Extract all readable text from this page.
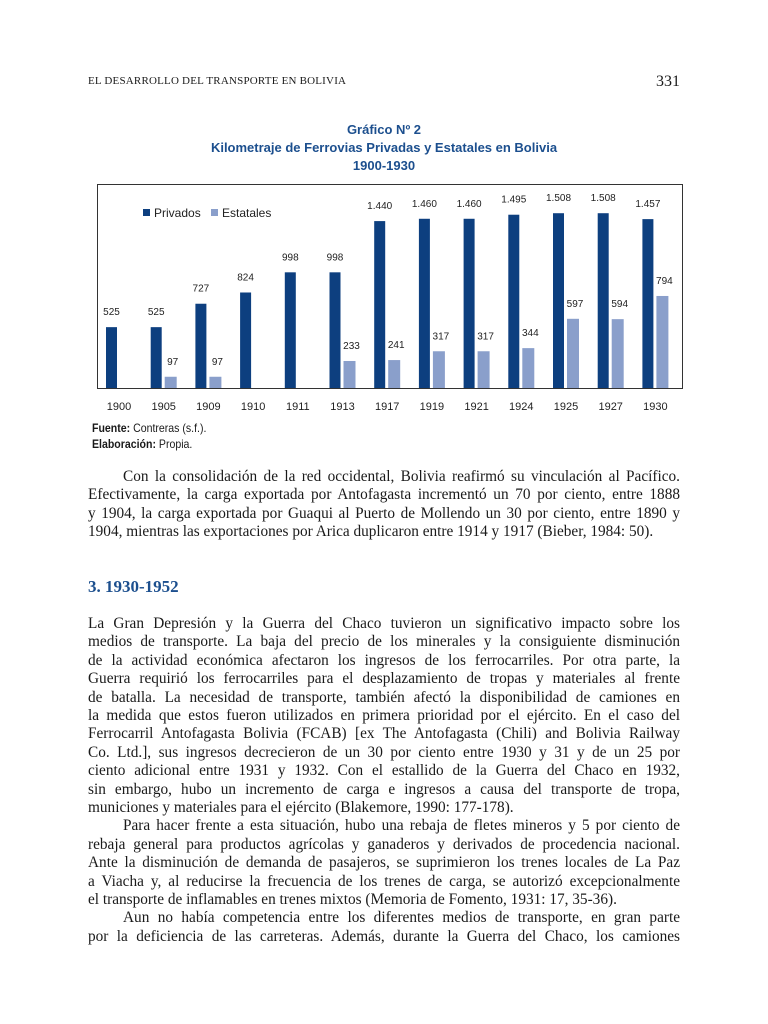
EL DESARROLLO DEL TRANSPORTE EN BOLIVIA	331
Gráfico Nº 2
Kilometraje de Ferrovias Privadas y Estatales en Bolivia
1900-1930
525
1900
525
97
1905
727
97
1909
824
1910
998
1911
998
233
1913
1.440
241
1917
1.460
317
1919
1.460
317
1921
1.495
344
1924
1.508
597
1925
1.508
594
1927
1.457
794
1930
Privados Estatales
Fuente: Contreras (s.f.).
Elaboración: Propia.
Con la consolidación de la red occidental, Bolivia reafirmó su vinculación al Pacífico.
Efectivamente, la carga exportada por Antofagasta incrementó un 70 por ciento, entre 1888
y 1904, la carga exportada por Guaqui al Puerto de Mollendo un 30 por ciento, entre 1890 y
1904, mientras las exportaciones por Arica duplicaron entre 1914 y 1917 (Bieber, 1984: 50).
3. 1930-1952
La Gran Depresión y la Guerra del Chaco tuvieron un significativo impacto sobre los
medios de transporte. La baja del precio de los minerales y la consiguiente disminución
de la actividad económica afectaron los ingresos de los ferrocarriles. Por otra parte, la
Guerra requirió los ferrocarriles para el desplazamiento de tropas y materiales al frente
de batalla. La necesidad de transporte, también afectó la disponibilidad de camiones en
la medida que estos fueron utilizados en primera prioridad por el ejército. En el caso del
Ferrocarril Antofagasta Bolivia (FCAB) [ex The Antofagasta (Chili) and Bolivia Railway
Co. Ltd.], sus ingresos decrecieron de un 30 por ciento entre 1930 y 31 y de un 25 por
ciento adicional entre 1931 y 1932. Con el estallido de la Guerra del Chaco en 1932,
sin embargo, hubo un incremento de carga e ingresos a causa del transporte de tropa,
municiones y materiales para el ejército (Blakemore, 1990: 177-178).
Para hacer frente a esta situación, hubo una rebaja de fletes mineros y 5 por ciento de
rebaja general para productos agrícolas y ganaderos y derivados de procedencia nacional.
Ante la disminución de demanda de pasajeros, se suprimieron los trenes locales de La Paz
a Viacha y, al reducirse la frecuencia de los trenes de carga, se autorizó excepcionalmente
el transporte de inflamables en trenes mixtos (Memoria de Fomento, 1931: 17, 35-36).
Aun no había competencia entre los diferentes medios de transporte, en gran parte
por la deficiencia de las carreteras. Además, durante la Guerra del Chaco, los camiones
